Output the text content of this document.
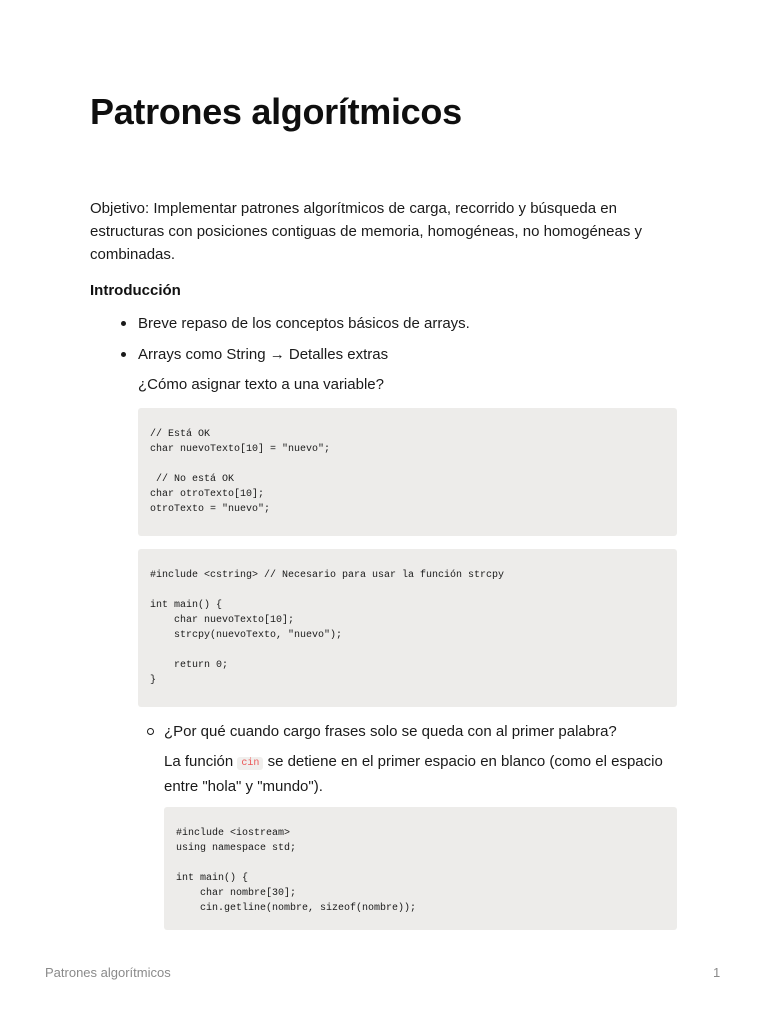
Patrones algorítmicos

Objetivo: Implementar patrones algorítmicos de carga, recorrido y búsqueda en estructuras con posiciones contiguas de memoria, homogéneas, no homogéneas y combinadas.

Introducción
Breve repaso de los conceptos básicos de arrays.
Arrays como String → Detalles extras

¿Cómo asignar texto a una variable?

// Está OK
char nuevoTexto[10] = "nuevo";

// No está OK
char otroTexto[10];
otroTexto = "nuevo";
#include <cstring> // Necesario para usar la función strcpy

int main() {
char nuevoTexto[10];
strcpy(nuevoTexto, "nuevo");

return 0;
}
¿Por qué cuando cargo frases solo se queda con al primer palabra?

La función cin se detiene en el primer espacio en blanco (como el espacio
entre "hola" y "mundo").

#include <iostream>
using namespace std;

int main() {
char nombre[30];
cin.getline(nombre, sizeof(nombre));
Patrones algorítmicos	1
